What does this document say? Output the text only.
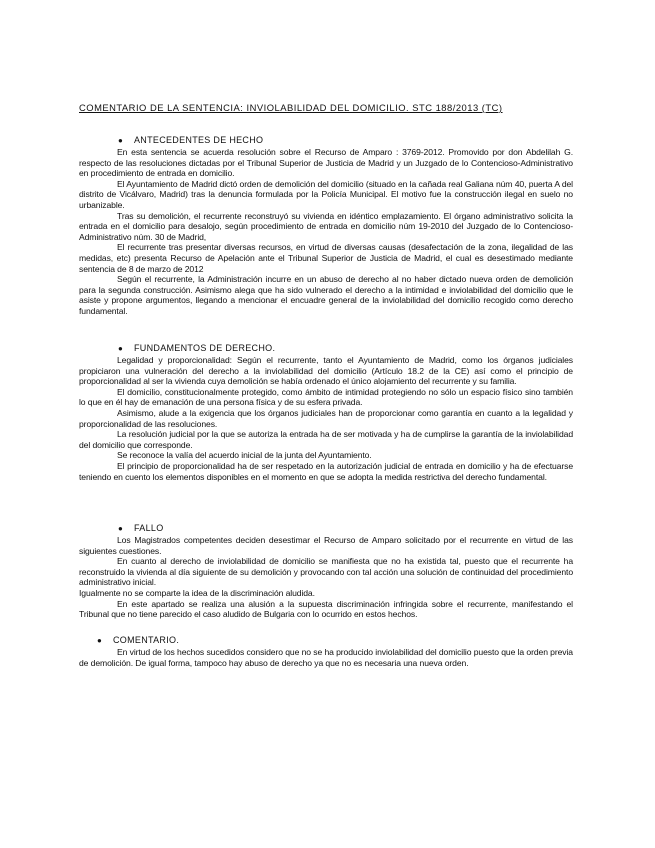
COMENTARIO DE LA SENTENCIA: INVIOLABILIDAD DEL DOMICILIO. STC 188/2013 (TC)
● ANTECEDENTES DE HECHO

En esta sentencia se acuerda resolución sobre el Recurso de Amparo : 3769-2012. Promovido por don Abdelilah G. respecto de las resoluciones dictadas por el Tribunal Superior de Justicia de Madrid y un Juzgado de lo Contencioso-Administrativo en procedimiento de entrada en domicilio.

El Ayuntamiento de Madrid dictó orden de demolición del domicilio (situado en la cañada real Galiana núm 40, puerta A del distrito de Vicálvaro, Madrid) tras la denuncia formulada por la Policía Municipal. El motivo fue la construcción ilegal en suelo no urbanizable.

Tras su demolición, el recurrente reconstruyó su vivienda en idéntico emplazamiento. El órgano administrativo solicita la entrada en el domicilio para desalojo, según procedimiento de entrada en domicilio núm 19-2010 del Juzgado de lo Contencioso-Administrativo núm. 30 de Madrid,

El recurrente tras presentar diversas recursos, en virtud de diversas causas (desafectación de la zona, ilegalidad de las medidas, etc) presenta Recurso de Apelación ante el Tribunal Superior de Justicia de Madrid, el cual es desestimado mediante sentencia de 8 de marzo de 2012

Según el recurrente, la Administración incurre en un abuso de derecho al no haber dictado nueva orden de demolición para la segunda construcción. Asimismo alega que ha sido vulnerado el derecho a la intimidad e inviolabilidad del domicilio que le asiste y propone argumentos, llegando a mencionar el encuadre general de la inviolabilidad del domicilio recogido como derecho fundamental.

● FUNDAMENTOS DE DERECHO.

Legalidad y proporcionalidad: Según el recurrente, tanto el Ayuntamiento de Madrid, como los órganos judiciales propiciaron una vulneración del derecho a la inviolabilidad del domicilio (Artículo 18.2 de la CE) así como el principio de proporcionalidad al ser la vivienda cuya demolición se había ordenado el único alojamiento del recurrente y su familia.

El domicilio, constitucionalmente protegido, como ámbito de intimidad protegiendo no sólo un espacio físico sino también lo que en él hay de emanación de una persona física y de su esfera privada.

Asimismo, alude a la exigencia que los órganos judiciales han de proporcionar como garantía en cuanto a la legalidad y proporcionalidad de las resoluciones.

La resolución judicial por la que se autoriza la entrada ha de ser motivada y ha de cumplirse la garantía de la inviolabilidad del domicilio que corresponde.

Se reconoce la valía del acuerdo inicial de la junta del Ayuntamiento.

El principio de proporcionalidad ha de ser respetado en la autorización judicial de entrada en domicilio y ha de efectuarse teniendo en cuento los elementos disponibles en el momento en que se adopta la medida restrictiva del derecho fundamental.

● FALLO

Los Magistrados competentes deciden desestimar el Recurso de Amparo solicitado por el recurrente en virtud de las siguientes cuestiones.

En cuanto al derecho de inviolabilidad de domicilio se manifiesta que no ha existida tal, puesto que el recurrente ha reconstruido la vivienda al día siguiente de su demolición y provocando con tal acción una solución de continuidad del procedimiento administrativo inicial.

Igualmente no se comparte la idea de la discriminación aludida.

En este apartado se realiza una alusión a la supuesta discriminación infringida sobre el recurrente, manifestando el Tribunal que no tiene parecido el caso aludido de Bulgaria con lo ocurrido en estos hechos.

● COMENTARIO.

En virtud de los hechos sucedidos considero que no se ha producido inviolabilidad del domicilio puesto que la orden previa de demolición. De igual forma, tampoco hay abuso de derecho ya que no es necesaria una nueva orden.
